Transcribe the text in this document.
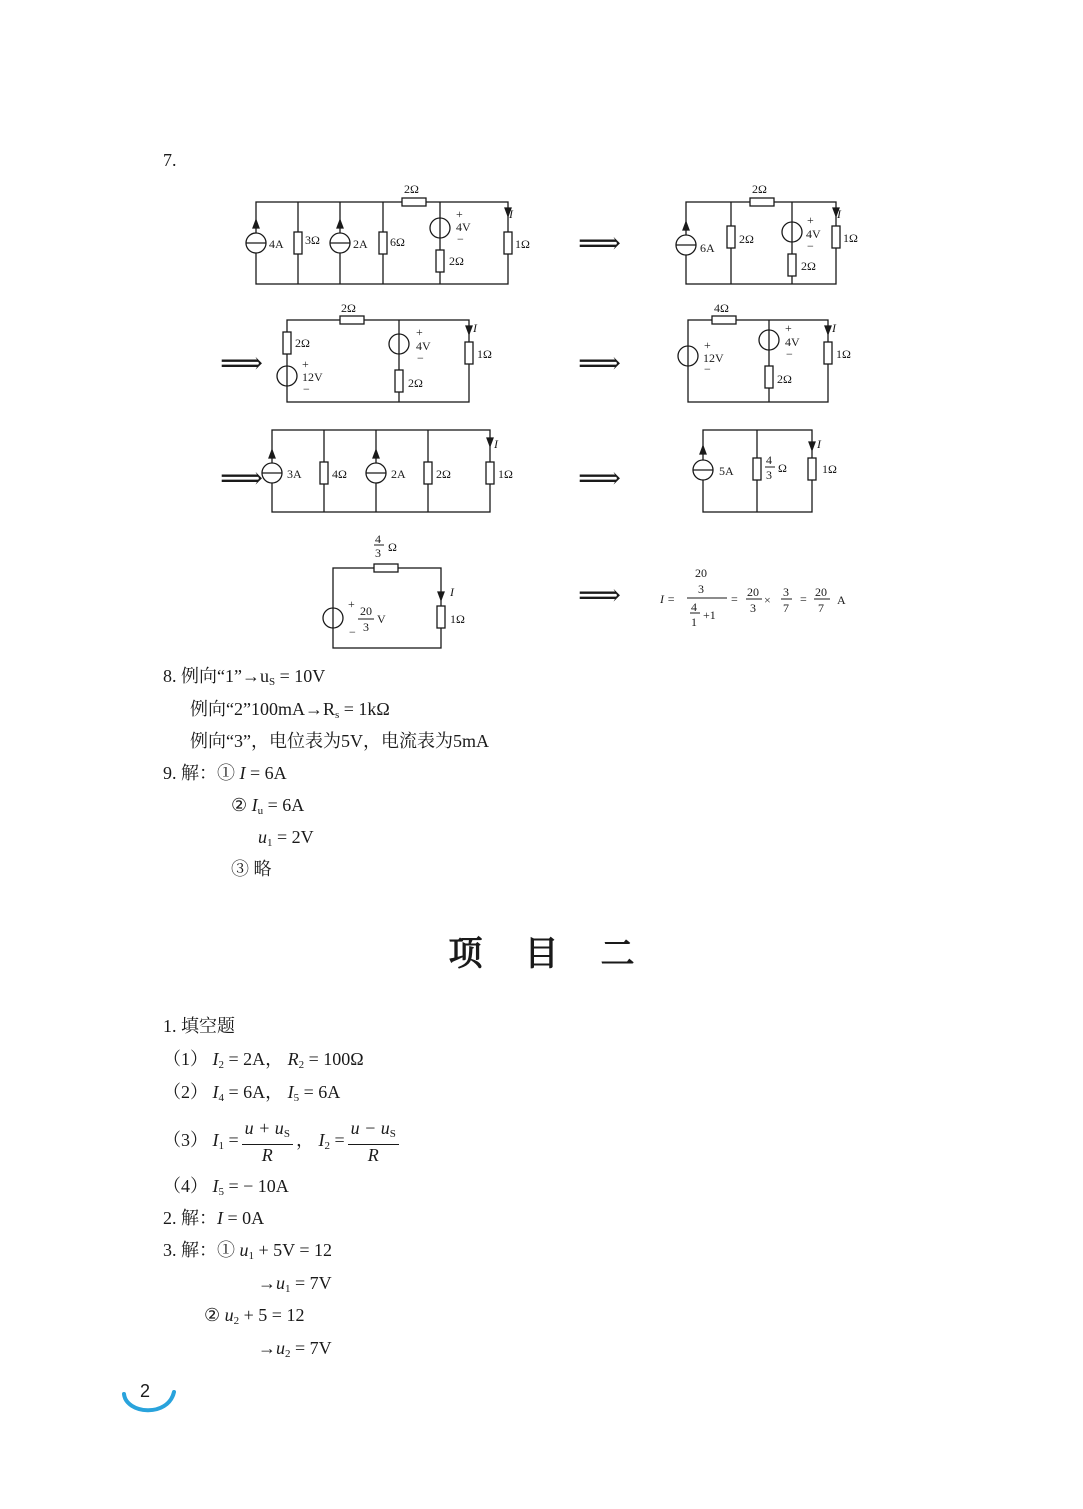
7.
2Ω
4A 3Ω	2A 6Ω
+
4V
−
2Ω
I
1Ω
2Ω
6A
2Ω
+
4V
−
2Ω
I
1Ω
2Ω
2Ω
+
12V
−
+
4V
−
2Ω
I
1Ω
4Ω
+
12V
−
+
4V
−
2Ω
I
1Ω
3A	4Ω	2A	2Ω
I
1Ω	5A
4
3 Ω
I
1Ω
4
3 Ω
I
+ 20
3
V
−
1Ω
⟹
⟹	⟹
⟹	⟹
⟹	I =
20
3
4
1 +1
= 20
3
×
3
7
= 20
7
A
8. 例向“$1”\to u_S = 10V$
例向“$2”100mA\to R_s = 1k\Omega$
例向“3”，电位表为5V，电流表为5mA
9. 解：① I = 6A
② $I_u = 6A$
$u_1 = 2V$
③ 略
项目二
1. 填空题
（1） $I_2 = 2A$， $R_2 = 100\Omega$
（2） $I_4 = 6A$， $I_5 = 6A$
（3） $I_1 = \frac{u + u_S}{R}$ ， $I_2 = \frac{u - u_S}{R}$
（4） $I_5$ = − 10A
2. 解：I = 0A
3. 解：① $u_1 + 5V = 12$
$\to u_1 = 7V$
② $u_2 + 5 = 12$
$\to u_2 = 7V$
2
